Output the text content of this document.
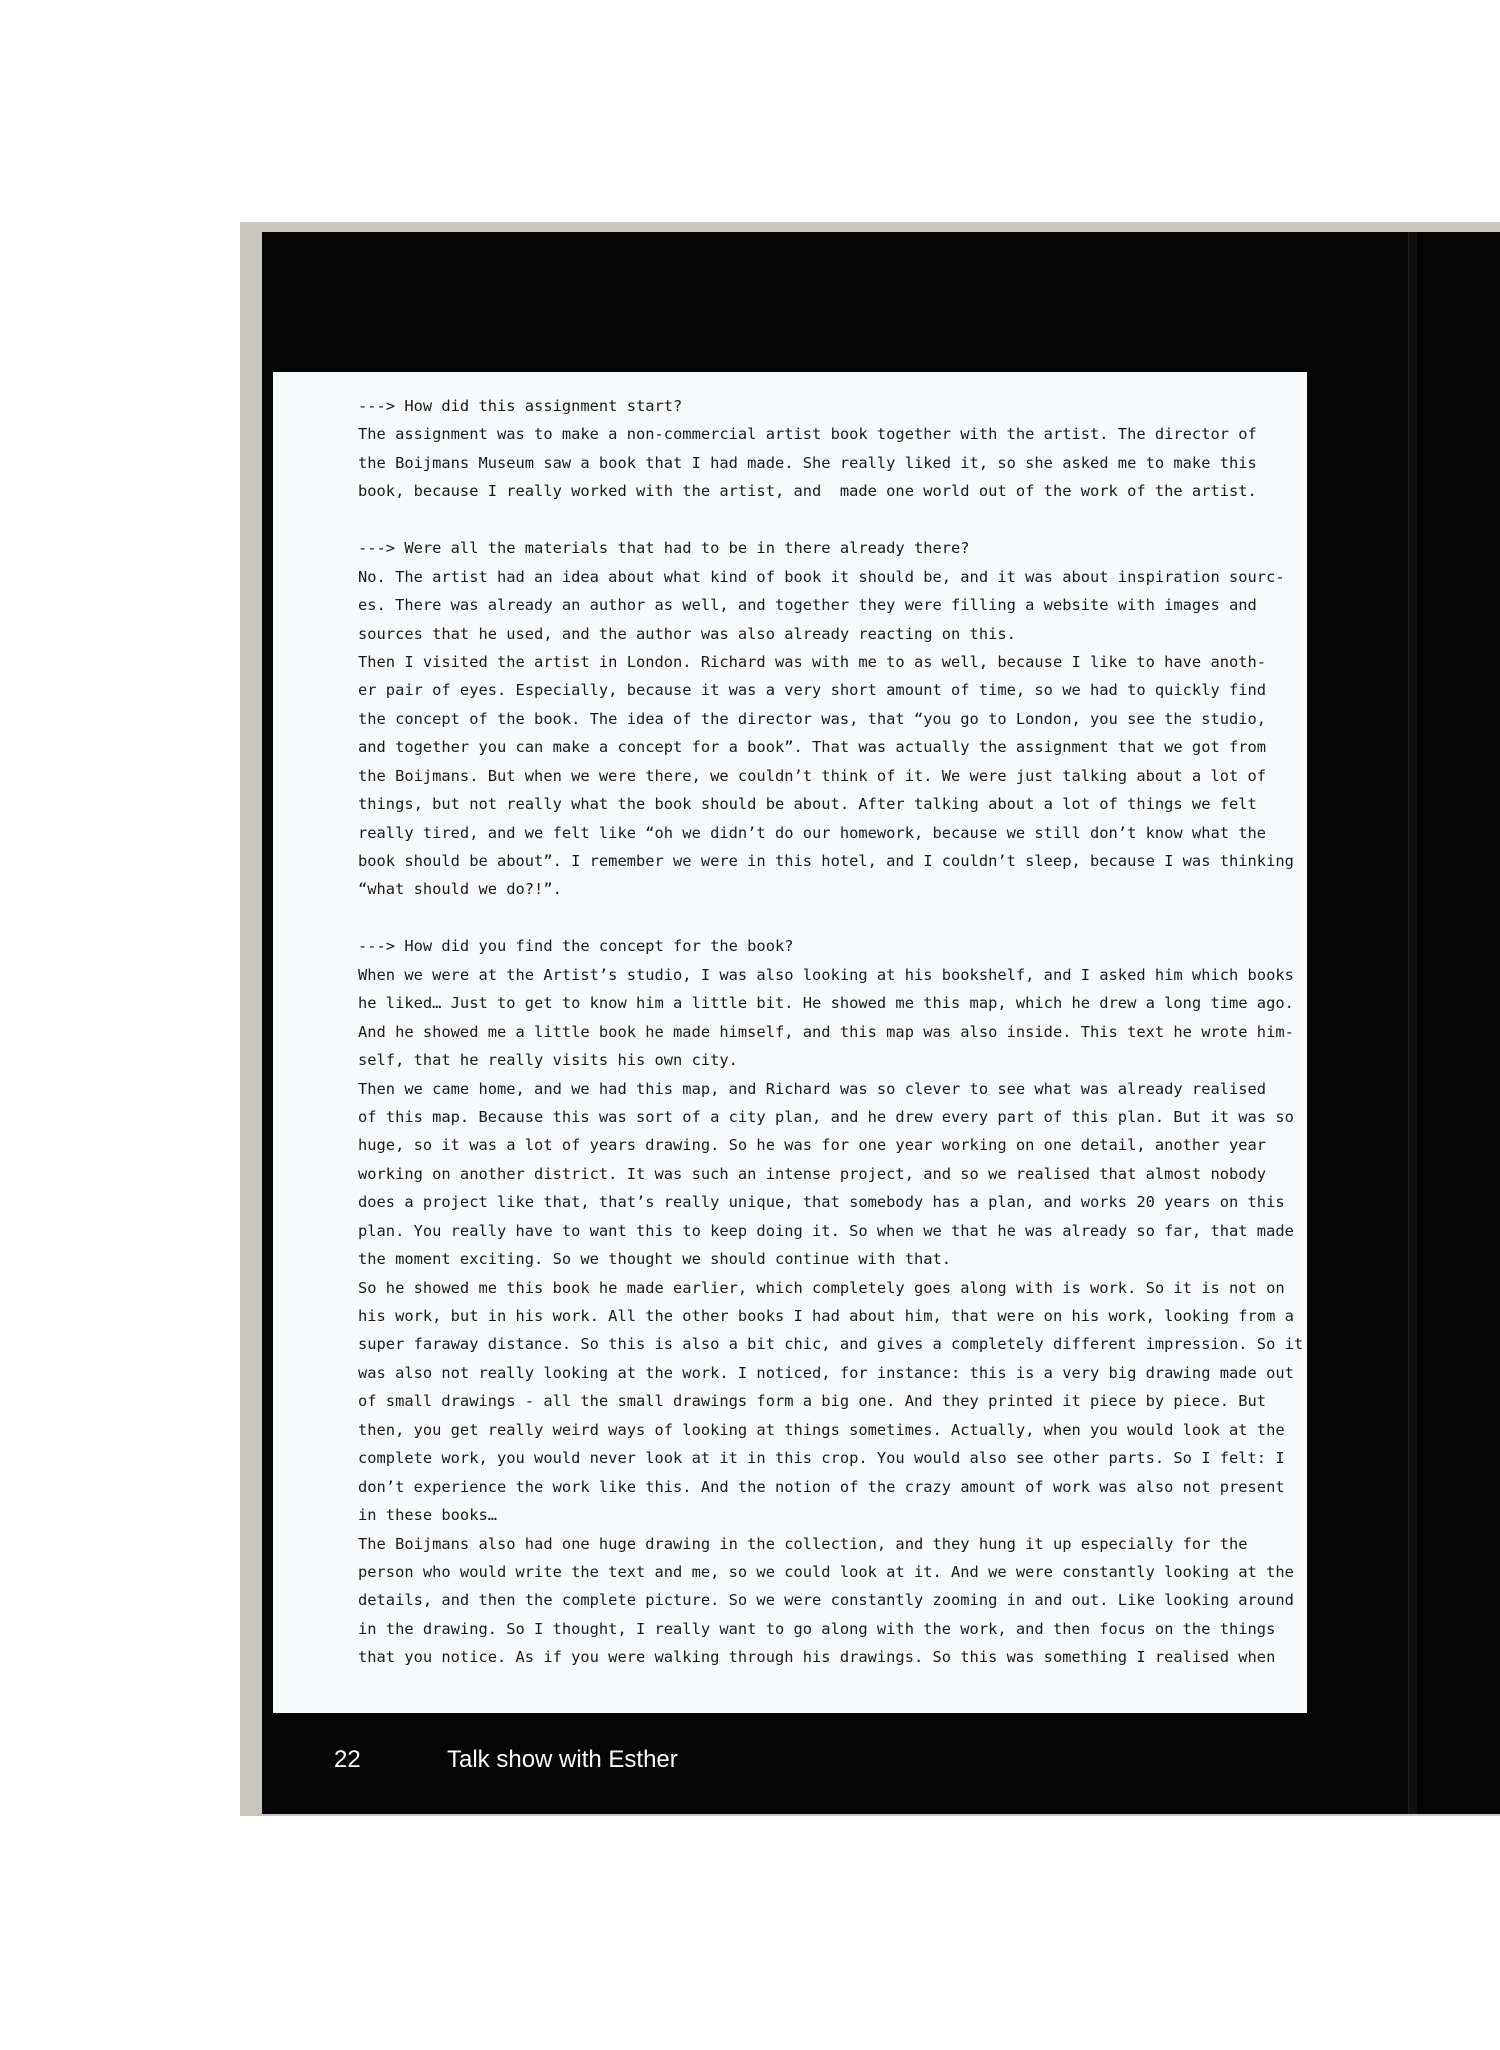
---> How did this assignment start?
The assignment was to make a non-commercial artist book together with the artist. The director of
the Boijmans Museum saw a book that I had made. She really liked it, so she asked me to make this
book, because I really worked with the artist, and  made one world out of the work of the artist.
---> Were all the materials that had to be in there already there?
No. The artist had an idea about what kind of book it should be, and it was about inspiration sourc-
es. There was already an author as well, and together they were filling a website with images and
sources that he used, and the author was also already reacting on this.
Then I visited the artist in London. Richard was with me to as well, because I like to have anoth-
er pair of eyes. Especially, because it was a very short amount of time, so we had to quickly find
the concept of the book. The idea of the director was, that “you go to London, you see the studio,
and together you can make a concept for a book”. That was actually the assignment that we got from
the Boijmans. But when we were there, we couldn’t think of it. We were just talking about a lot of
things, but not really what the book should be about. After talking about a lot of things we felt
really tired, and we felt like “oh we didn’t do our homework, because we still don’t know what the
book should be about”. I remember we were in this hotel, and I couldn’t sleep, because I was thinking
“what should we do?!”.
---> How did you find the concept for the book?
When we were at the Artist’s studio, I was also looking at his bookshelf, and I asked him which books
he liked… Just to get to know him a little bit. He showed me this map, which he drew a long time ago.
And he showed me a little book he made himself, and this map was also inside. This text he wrote him-
self, that he really visits his own city.
Then we came home, and we had this map, and Richard was so clever to see what was already realised
of this map. Because this was sort of a city plan, and he drew every part of this plan. But it was so
huge, so it was a lot of years drawing. So he was for one year working on one detail, another year
working on another district. It was such an intense project, and so we realised that almost nobody
does a project like that, that’s really unique, that somebody has a plan, and works 20 years on this
plan. You really have to want this to keep doing it. So when we that he was already so far, that made
the moment exciting. So we thought we should continue with that.
So he showed me this book he made earlier, which completely goes along with is work. So it is not on
his work, but in his work. All the other books I had about him, that were on his work, looking from a
super faraway distance. So this is also a bit chic, and gives a completely different impression. So it
was also not really looking at the work. I noticed, for instance: this is a very big drawing made out
of small drawings - all the small drawings form a big one. And they printed it piece by piece. But
then, you get really weird ways of looking at things sometimes. Actually, when you would look at the
complete work, you would never look at it in this crop. You would also see other parts. So I felt: I
don’t experience the work like this. And the notion of the crazy amount of work was also not present
in these books…
The Boijmans also had one huge drawing in the collection, and they hung it up especially for the
person who would write the text and me, so we could look at it. And we were constantly looking at the
details, and then the complete picture. So we were constantly zooming in and out. Like looking around
in the drawing. So I thought, I really want to go along with the work, and then focus on the things
that you notice. As if you were walking through his drawings. So this was something I realised when
22	Talk show with Esther
